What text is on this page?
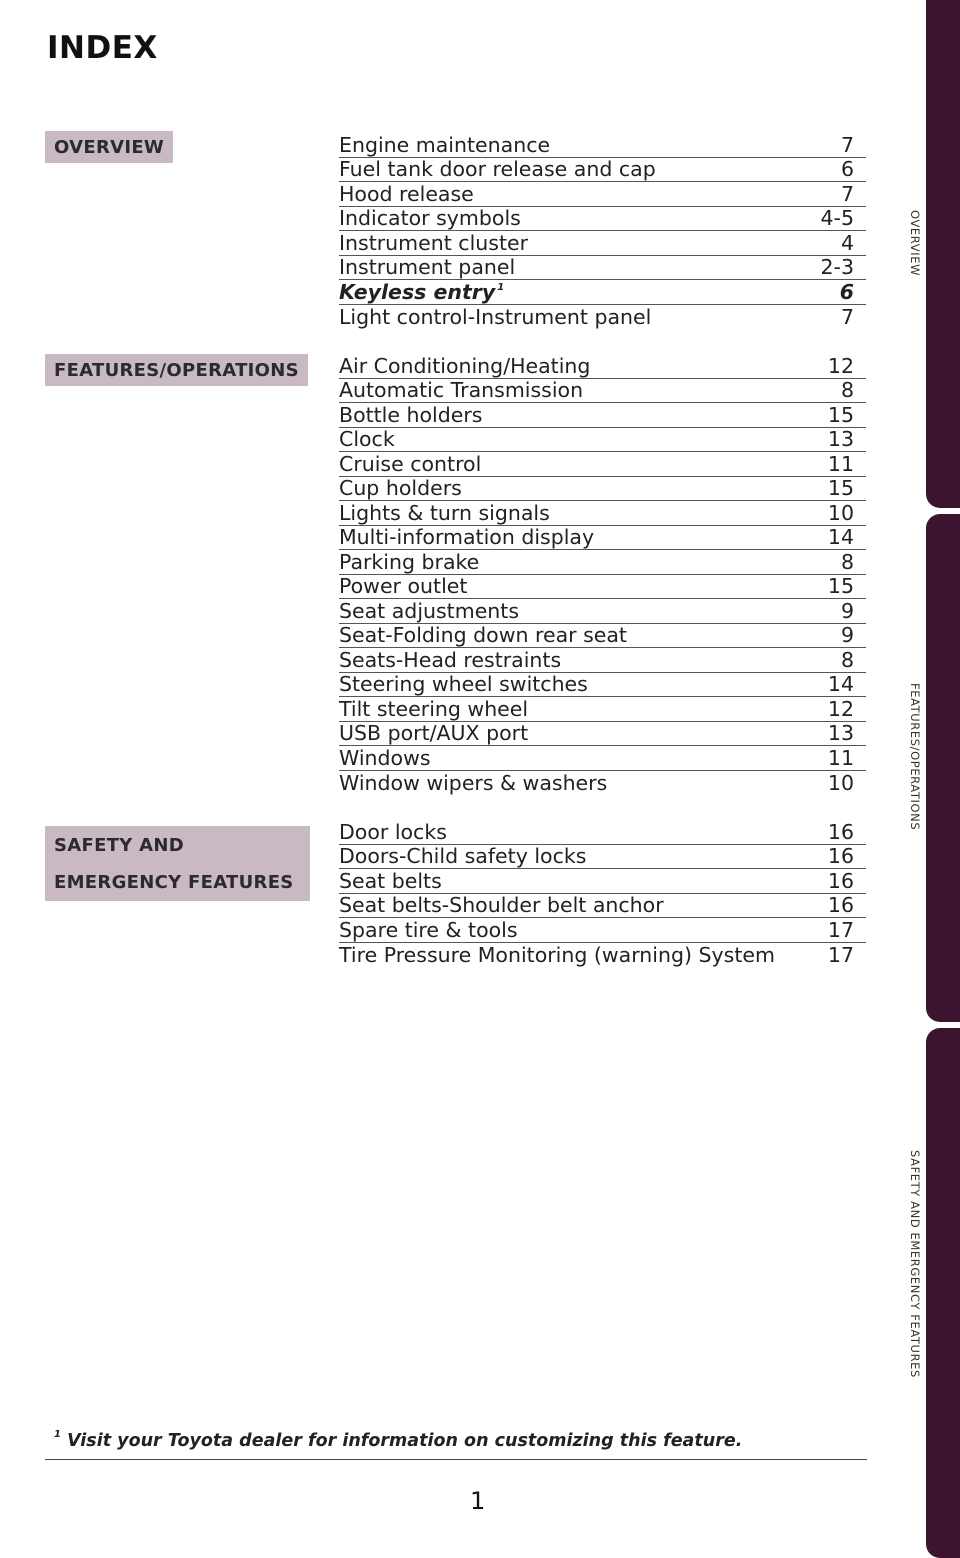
INDEX
OVERVIEW
FEATURES/OPERATIONS
SAFETY AND
EMERGENCY FEATURES
Engine maintenance	7
Fuel tank door release and cap	6
Hood release	7
Indicator symbols	4-5
Instrument cluster	4
Instrument panel	2-3
Keyless entry $^1$	6
Light control-Instrument panel	7
Air Conditioning/Heating	12
Automatic Transmission	8
Bottle holders	15
Clock	13
Cruise control	11
Cup holders	15
Lights & turn signals	10
Multi-information display	14
Parking brake	8
Power outlet	15
Seat adjustments	9
Seat-Folding down rear seat	9
Seats-Head restraints	8
Steering wheel switches	14
Tilt steering wheel	12
USB port/AUX port	13
Windows	11
Window wipers & washers	10
Door locks	16
Doors-Child safety locks	16
Seat belts	16
Seat belts-Shoulder belt anchor	16
Spare tire & tools	17
Tire Pressure Monitoring (warning) System	17
$^1$ Visit your Toyota dealer for information on customizing this feature.
1
OVERVIEW
FEATURES/OPERATIONS
SAFETY AND EMERGENCY FEATURES
